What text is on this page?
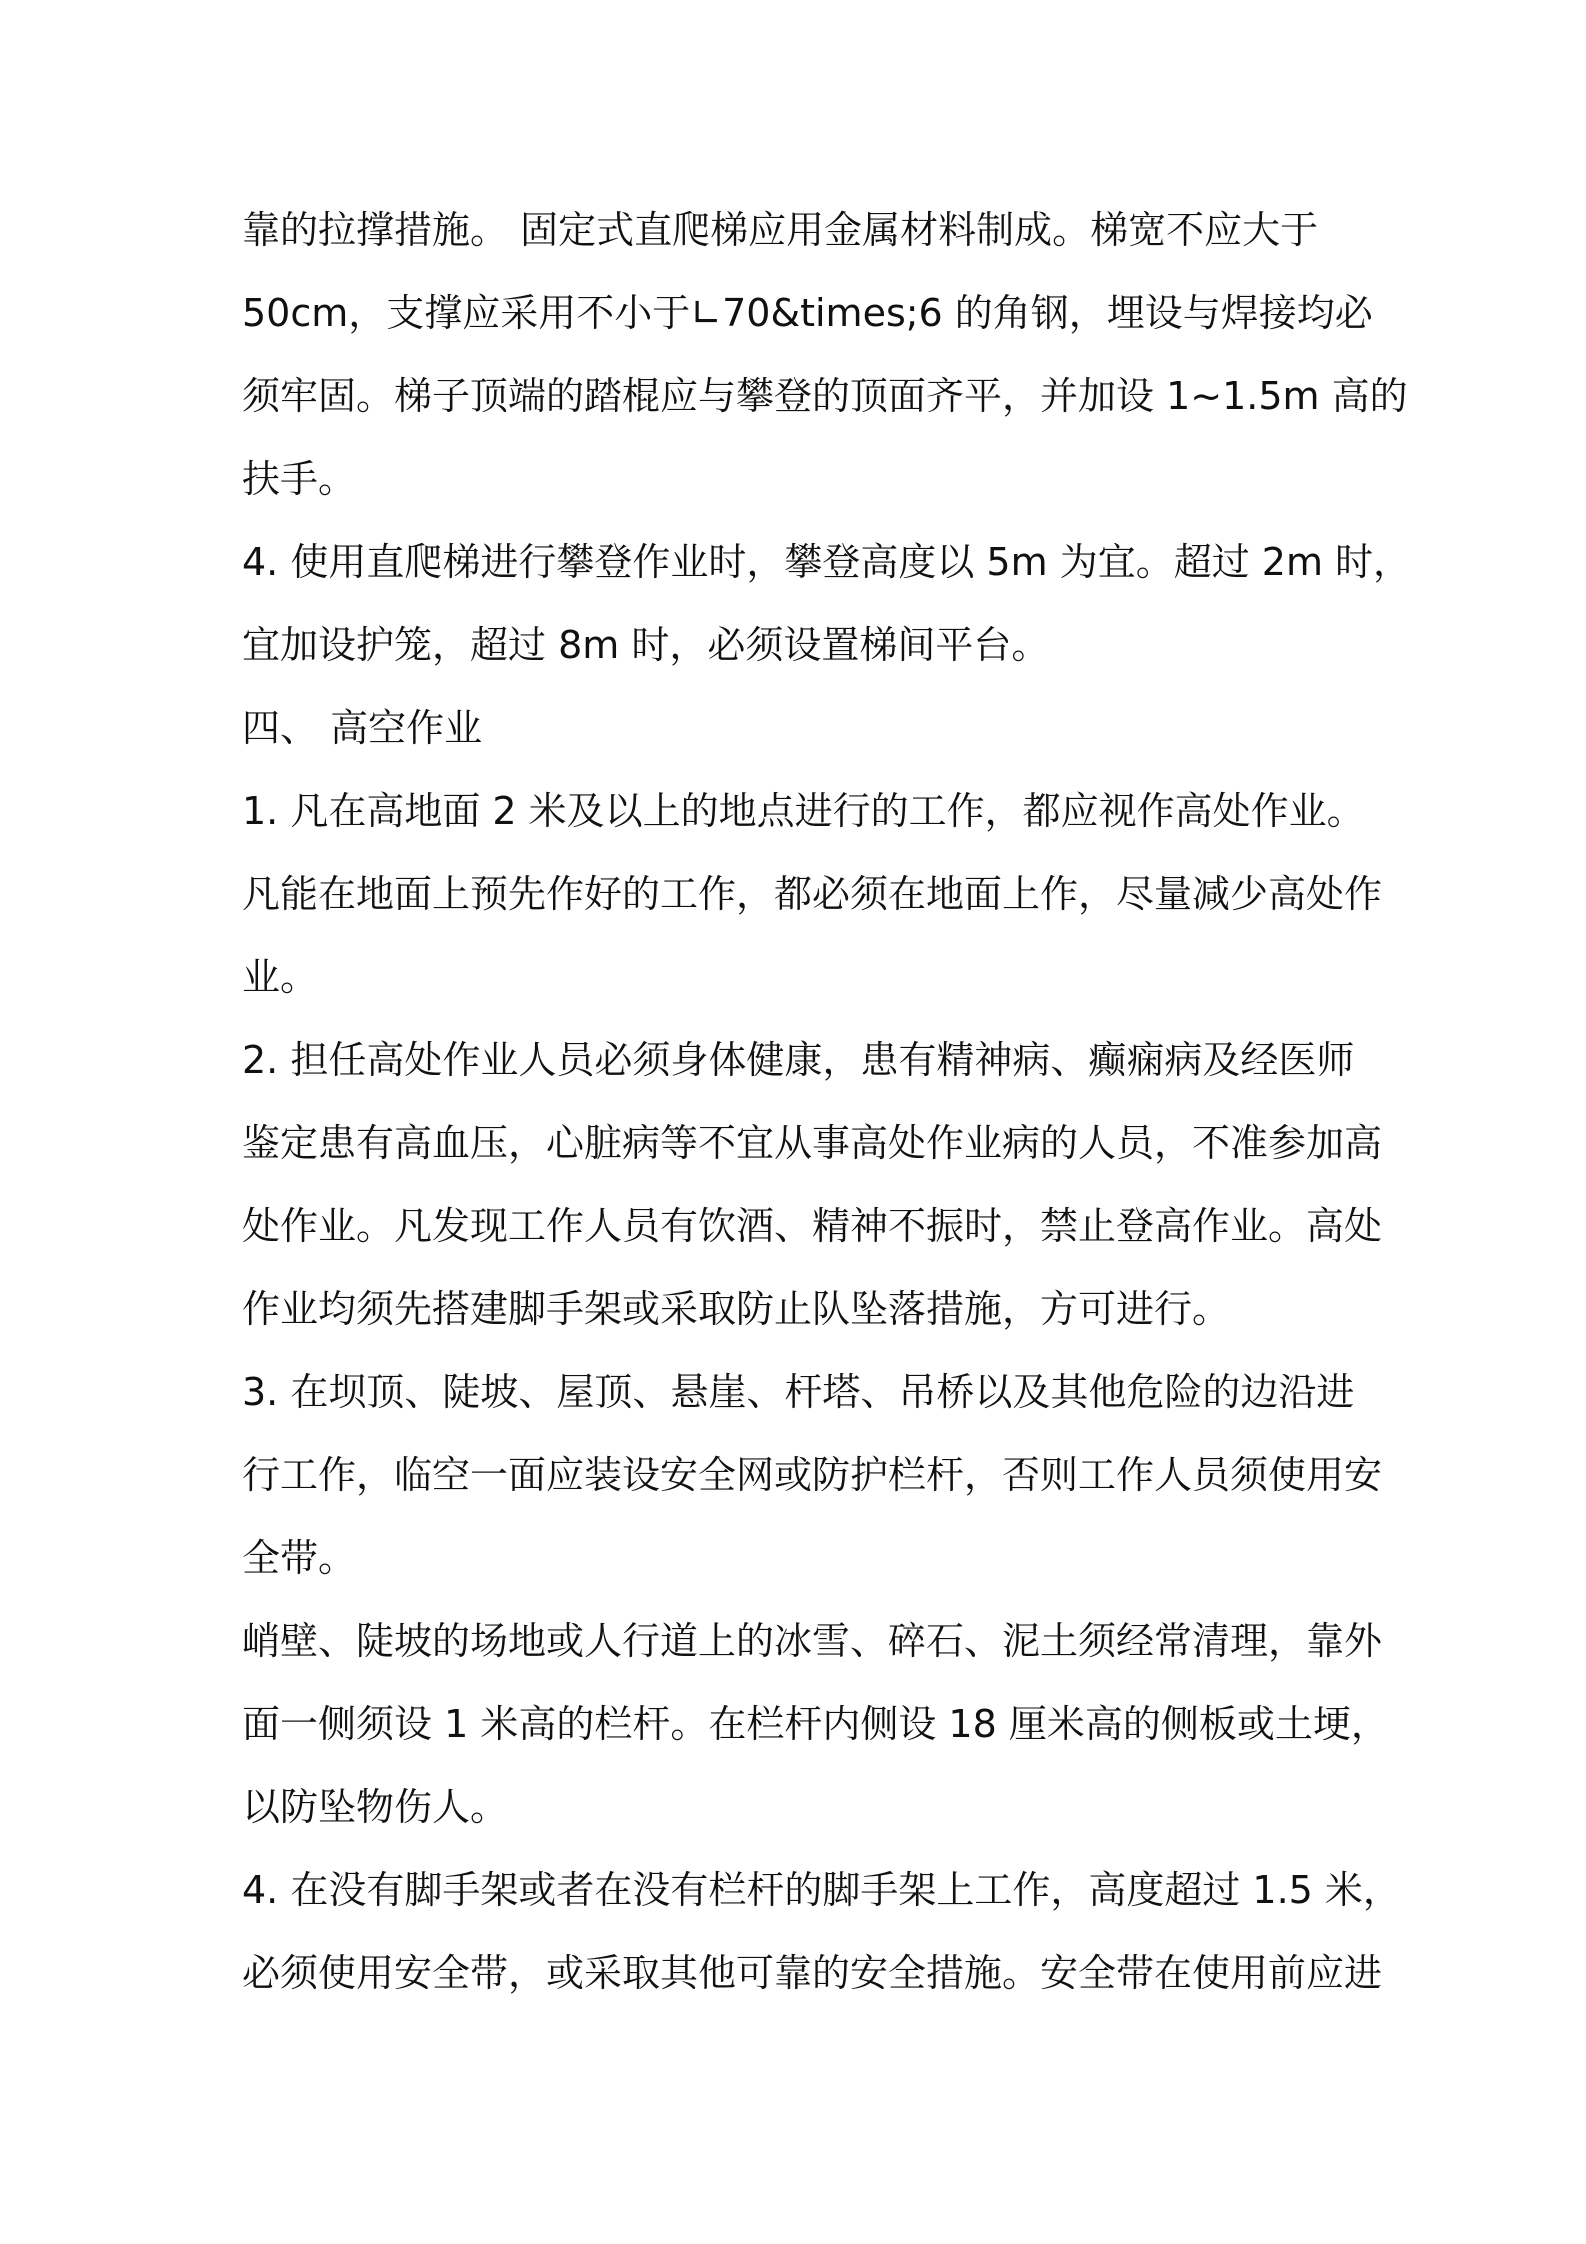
靠的拉撑措施。 固定式直爬梯应用金属材料制成。梯宽不应大于
50cm，支撑应采用不小于∟70&times;6 的角钢，埋设与焊接均必
须牢固。梯子顶端的踏棍应与攀登的顶面齐平，并加设 1~1.5m 高的
扶手。
4. 使用直爬梯进行攀登作业时，攀登高度以 5m 为宜。超过 2m 时，
宜加设护笼，超过 8m 时，必须设置梯间平台。
四、 高空作业
1. 凡在高地面 2 米及以上的地点进行的工作，都应视作高处作业。
凡能在地面上预先作好的工作，都必须在地面上作，尽量减少高处作
业。
2. 担任高处作业人员必须身体健康，患有精神病、癫痫病及经医师
鉴定患有高血压，心脏病等不宜从事高处作业病的人员，不准参加高
处作业。凡发现工作人员有饮酒、精神不振时，禁止登高作业。高处
作业均须先搭建脚手架或采取防止队坠落措施，方可进行。
3. 在坝顶、陡坡、屋顶、悬崖、杆塔、吊桥以及其他危险的边沿进
行工作，临空一面应装设安全网或防护栏杆，否则工作人员须使用安
全带。
峭壁、陡坡的场地或人行道上的冰雪、碎石、泥土须经常清理，靠外
面一侧须设 1 米高的栏杆。在栏杆内侧设 18 厘米高的侧板或土埂，
以防坠物伤人。
4. 在没有脚手架或者在没有栏杆的脚手架上工作，高度超过 1.5 米，
必须使用安全带，或采取其他可靠的安全措施。安全带在使用前应进
